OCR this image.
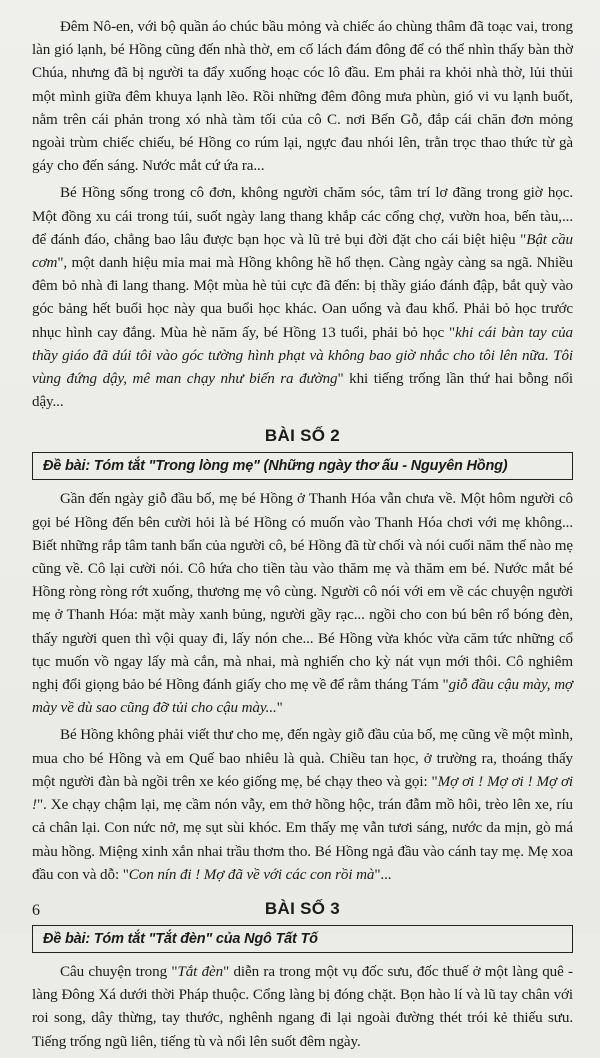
Đêm Nô-en, với bộ quần áo chúc bầu mỏng và chiếc áo chùng thâm đã toạc vai, trong làn gió lạnh, bé Hồng cũng đến nhà thờ, em cố lách đám đông để có thể nhìn thấy bàn thờ Chúa, nhưng đã bị người ta đẩy xuống hoạc cóc lô đầu. Em phải ra khỏi nhà thờ, lủi thủi một mình giữa đêm khuya lạnh lẽo. Rồi những đêm đông mưa phùn, gió vi vu lạnh buốt, nằm trên cái phản trong xó nhà tàm tối của cô C. nơi Bến Gỗ, đắp cái chăn đơn mỏng ngoài trùm chiếc chiếu, bé Hồng co rúm lại, ngực đau nhói lên, trằn trọc thao thức từ gà gáy cho đến sáng. Nước mắt cứ ứa ra...

Bé Hồng sống trong cô đơn, không người chăm sóc, tâm trí lơ đãng trong giờ học. Một đồng xu cái trong túi, suốt ngày lang thang khắp các cổng chợ, vườn hoa, bến tàu,... để đánh đáo, chẳng bao lâu được bạn học và lũ trẻ bụi đời đặt cho cái biệt hiệu "Bật cầu cơm", một danh hiệu mỉa mai mà Hồng không hề hổ thẹn. Càng ngày càng sa ngã. Nhiều đêm bỏ nhà đi lang thang. Một mùa hè tủi cực đã đến: bị thầy giáo đánh đập, bắt quỳ vào góc bảng hết buổi học này qua buổi học khác. Oan uổng và đau khổ. Phải bỏ học trước nhục hình cay đắng. Mùa hè năm ấy, bé Hồng 13 tuổi, phải bỏ học "khi cái bàn tay của thầy giáo đã dúi tôi vào góc tường hình phạt và không bao giờ nhắc cho tôi lên nữa. Tôi vùng đứng dậy, mê man chạy như biến ra đường" khi tiếng trống lần thứ hai bỗng nổi dậy...

BÀI SỐ 2
Đề bài: Tóm tắt "Trong lòng mẹ" (Những ngày thơ ấu - Nguyên Hồng)

Gần đến ngày giỗ đầu bố, mẹ bé Hồng ở Thanh Hóa vẫn chưa về. Một hôm người cô gọi bé Hồng đến bên cười hỏi là bé Hồng có muốn vào Thanh Hóa chơi với mẹ không... Biết những rắp tâm tanh bẩn của người cô, bé Hồng đã từ chối và nói cuối năm thế nào mẹ cũng về. Cô lại cười nói. Cô hứa cho tiền tàu vào thăm mẹ và thăm em bé. Nước mắt bé Hồng ròng ròng rớt xuống, thương mẹ vô cùng. Người cô nói với em về các chuyện người mẹ ở Thanh Hóa: mặt mày xanh bủng, người gầy rạc... ngồi cho con bú bên rổ bóng đèn, thấy người quen thì vội quay đi, lấy nón che... Bé Hồng vừa khóc vừa căm tức những cổ tục muốn vồ ngay lấy mà cắn, mà nhai, mà nghiến cho kỳ nát vụn mới thôi. Cô nghiêm nghị đổi giọng bảo bé Hồng đánh giấy cho mẹ về để rằm tháng Tám "giỗ đầu cậu mày, mợ mày về dù sao cũng đỡ tủi cho cậu mày..."

Bé Hồng không phải viết thư cho mẹ, đến ngày giỗ đầu của bố, mẹ cũng về một mình, mua cho bé Hồng và em Quế bao nhiêu là quà. Chiều tan học, ở trường ra, thoáng thấy một người đàn bà ngồi trên xe kéo giống mẹ, bé chạy theo và gọi: "Mợ ơi ! Mợ ơi ! Mợ ơi !". Xe chạy chậm lại, mẹ cầm nón vẫy, em thở hồng hộc, trán đẫm mồ hôi, trèo lên xe, ríu cả chân lại. Con nức nở, mẹ sụt sùi khóc. Em thấy mẹ vẫn tươi sáng, nước da mịn, gò má màu hồng. Miệng xinh xắn nhai trầu thơm tho. Bé Hồng ngả đầu vào cánh tay mẹ. Mẹ xoa đầu con và dỗ: "Con nín đi ! Mợ đã về với các con rồi mà"...

BÀI SỐ 3
Đề bài: Tóm tắt "Tắt đèn" của Ngô Tất Tố

Câu chuyện trong "Tắt đèn" diễn ra trong một vụ đốc sưu, đốc thuế ở một làng quê - làng Đông Xá dưới thời Pháp thuộc. Cổng làng bị đóng chặt. Bọn hào lí và lũ tay chân với roi song, dây thừng, tay thước, nghênh ngang đi lại ngoài đường thét trói kẻ thiếu sưu. Tiếng trống ngũ liên, tiếng tù và nổi lên suốt đêm ngày.

6
